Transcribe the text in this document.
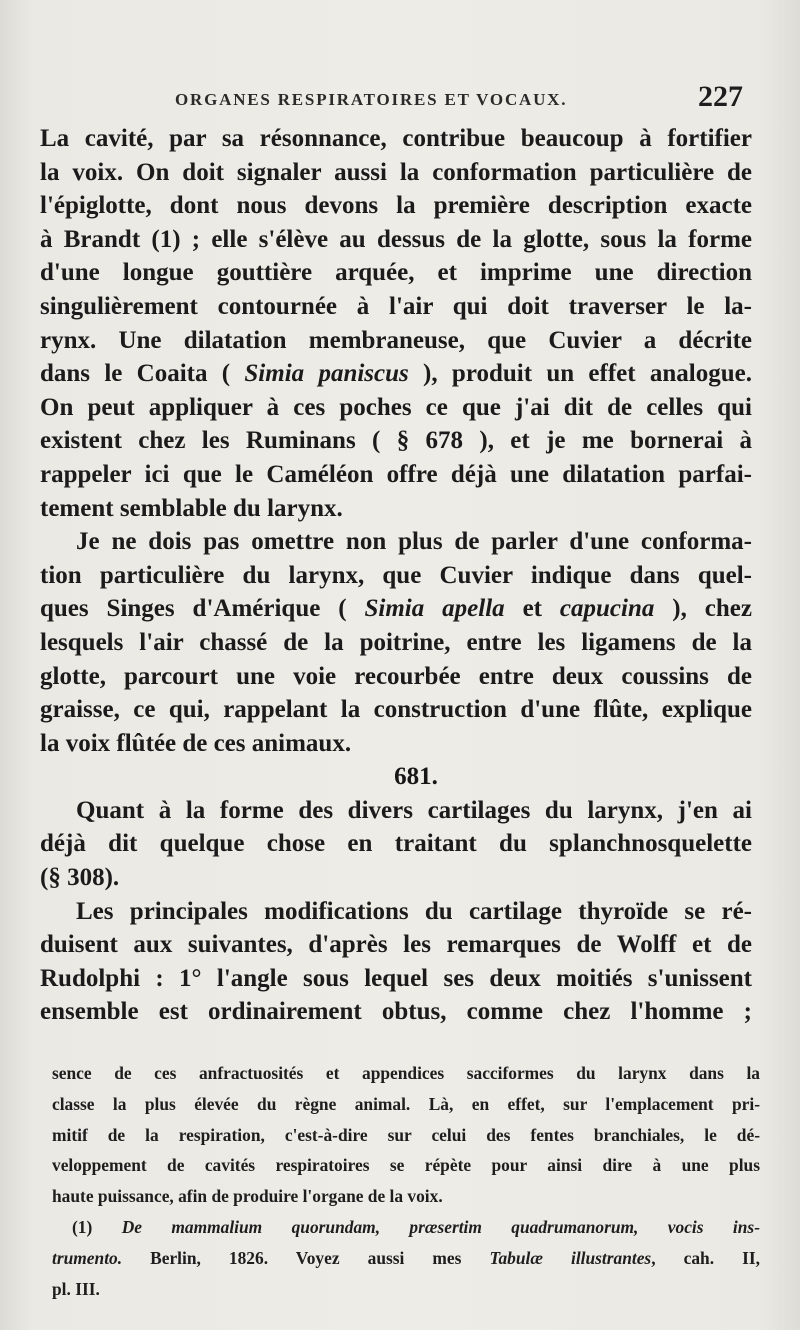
ORGANES RESPIRATOIRES ET VOCAUX.	227

La cavité, par sa résonnance, contribue beaucoup à fortifier

la voix. On doit signaler aussi la conformation particulière de

l'épiglotte, dont nous devons la première description exacte

à Brandt (1) ; elle s'élève au dessus de la glotte, sous la forme

d'une longue gouttière arquée, et imprime une direction

singulièrement contournée à l'air qui doit traverser le la-

rynx. Une dilatation membraneuse, que Cuvier a décrite

dans le Coaita ( Simia paniscus ), produit un effet analogue.

On peut appliquer à ces poches ce que j'ai dit de celles qui

existent chez les Ruminans ( § 678 ), et je me bornerai à

rappeler ici que le Caméléon offre déjà une dilatation parfai-

tement semblable du larynx.

Je ne dois pas omettre non plus de parler d'une conforma-

tion particulière du larynx, que Cuvier indique dans quel-

ques Singes d'Amérique ( Simia apella et capucina ), chez

lesquels l'air chassé de la poitrine, entre les ligamens de la

glotte, parcourt une voie recourbée entre deux coussins de

graisse, ce qui, rappelant la construction d'une flûte, explique

la voix flûtée de ces animaux.

681.

Quant à la forme des divers cartilages du larynx, j'en ai

déjà dit quelque chose en traitant du splanchnosquelette

(§ 308).

Les principales modifications du cartilage thyroïde se ré-

duisent aux suivantes, d'après les remarques de Wolff et de

Rudolphi : 1° l'angle sous lequel ses deux moitiés s'unissent

ensemble est ordinairement obtus, comme chez l'homme ;

sence de ces anfractuosités et appendices sacciformes du larynx dans la

classe la plus élevée du règne animal. Là, en effet, sur l'emplacement pri-

mitif de la respiration, c'est-à-dire sur celui des fentes branchiales, le dé-

veloppement de cavités respiratoires se répète pour ainsi dire à une plus

haute puissance, afin de produire l'organe de la voix.

(1) De mammalium quorundam, præsertim quadrumanorum, vocis ins-

trumento. Berlin, 1826. Voyez aussi mes Tabulæ illustrantes, cah. II,

pl. III.
